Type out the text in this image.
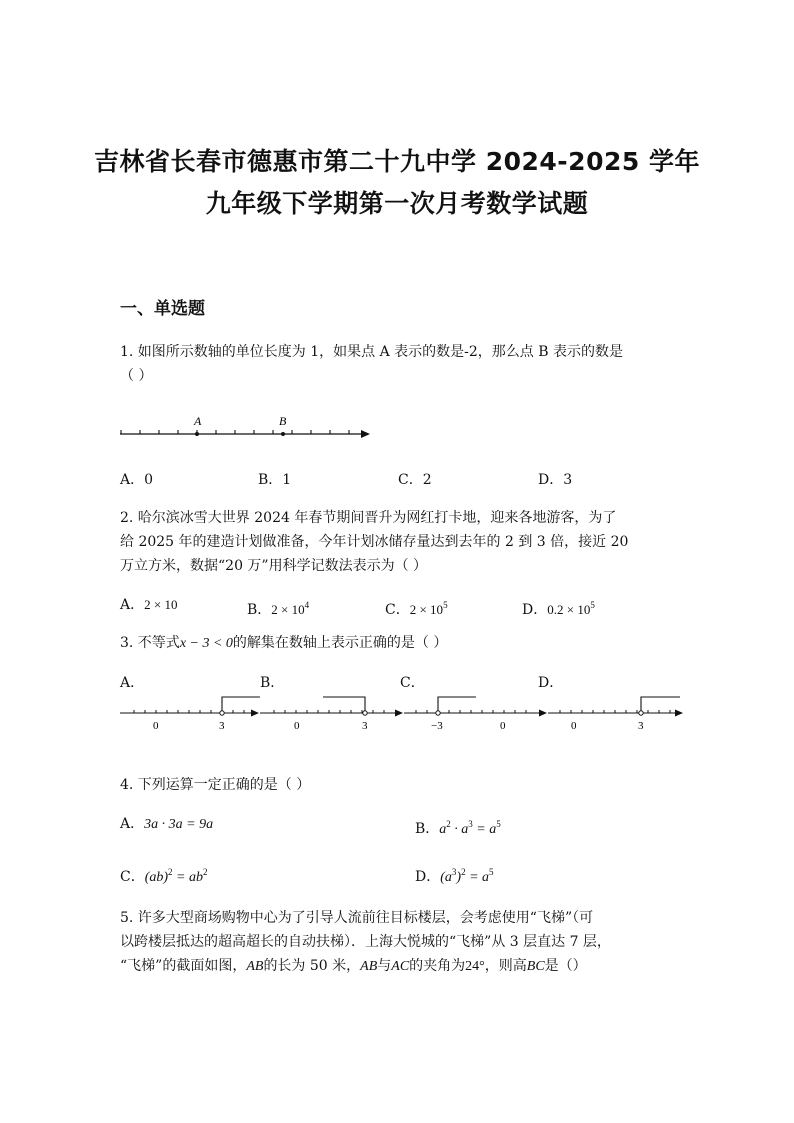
吉林省长春市德惠市第二十九中学 2024-2025 学年
九年级下学期第一次月考数学试题
一、单选题
1. 如图所示数轴的单位长度为 1，如果点 A 表示的数是-2，那么点 B 表示的数是
（ ）
A	B
A．0	B．1	C．2	D．3
2. 哈尔滨冰雪大世界 2024 年春节期间晋升为网红打卡地，迎来各地游客，为了
给 2025 年的建造计划做准备，今年计划冰储存量达到去年的 2 到 3 倍，接近 20
万立方米，数据“20 万”用科学记数法表示为（ ）
A．2 × 10	B．$2 \times 10^4$	C．$2 \times 10^5$	D．$0.2 \times 10^5$
3. 不等式x − 3 < 0的解集在数轴上表示正确的是（ ）
A．	B．	C．	D．
0	3	0	3	−3	0	0	3
4. 下列运算一定正确的是（ ）
A．3a · 3a = 9a	B．$a^2 \cdot a^3 = a^5$
C．$(ab)^2 = ab^2$	D．$(a^3)^2 = a^5$
5. 许多大型商场购物中心为了引导人流前往目标楼层，会考虑使用“飞梯”（可
以跨楼层抵达的超高超长的自动扶梯）．上海大悦城的“飞梯”从 3 层直达 7 层，
“飞梯”的截面如图，AB的长为 50 米，AB与AC的夹角为24°，则高BC是（）
